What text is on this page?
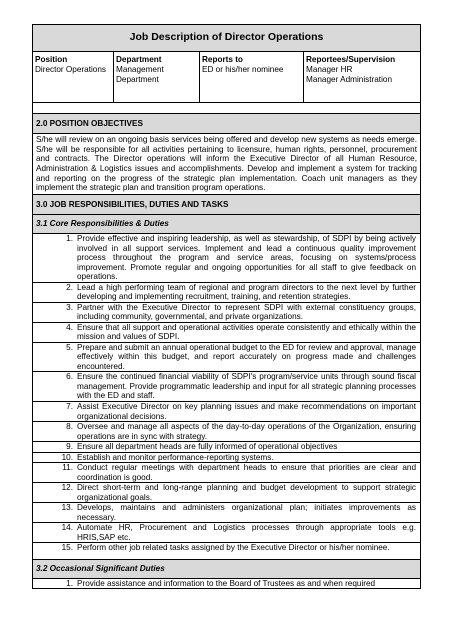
Job Description of Director Operations
Position
Director Operations
Department
Management
Department
Reports to
ED or his/her nominee
Reportees/Supervision
Manager HR
Manager Administration
2.0 POSITION OBJECTIVES
S/he will review on an ongoing basis services being offered and develop new systems as needs emerge. S/he will be responsible for all activities pertaining to licensure, human rights, personnel, procurement and contracts. The Director operations will inform the Executive Director of all Human Resource, Administration & Logistics issues and accomplishments. Develop and implement a system for tracking and reporting on the progress of the strategic plan implementation. Coach unit managers as they implement the strategic plan and transition program operations.
3.0 JOB RESPONSIBILITIES, DUTIES AND TASKS
3.1 Core Responsibilities & Duties
1. Provide effective and inspiring leadership, as well as stewardship, of SDPI by being actively involved in all support services. Implement and lead a continuous quality improvement process throughout the program and service areas, focusing on systems/process improvement. Promote regular and ongoing opportunities for all staff to give feedback on operations.
2. Lead a high performing team of regional and program directors to the next level by further developing and implementing recruitment, training, and retention strategies.
3. Partner with the Executive Director to represent SDPI with external constituency groups, including community, governmental, and private organizations.
4. Ensure that all support and operational activities operate consistently and ethically within the mission and values of SDPI.
5. Prepare and submit an annual operational budget to the ED for review and approval, manage effectively within this budget, and report accurately on progress made and challenges encountered.
6. Ensure the continued financial viability of SDPI's program/service units through sound fiscal management. Provide programmatic leadership and input for all strategic planning processes with the ED and staff.
7. Assist Executive Director on key planning issues and make recommendations on important organizational decisions.
8. Oversee and manage all aspects of the day-to-day operations of the Organization, ensuring operations are in sync with strategy.
9. Ensure all department heads are fully informed of operational objectives
10. Establish and monitor performance-reporting systems.
11. Conduct regular meetings with department heads to ensure that priorities are clear and coordination is good.
12. Direct short-term and long-range planning and budget development to support strategic organizational goals.
13. Develops, maintains and administers organizational plan; initiates improvements as necessary.
14. Automate HR, Procurement and Logistics processes through appropriate tools e.g. HRIS,SAP etc.
15. Perform other job related tasks assigned by the Executive Director or his/her nominee.
3.2 Occasional Significant Duties
1. Provide assistance and information to the Board of Trustees as and when required
